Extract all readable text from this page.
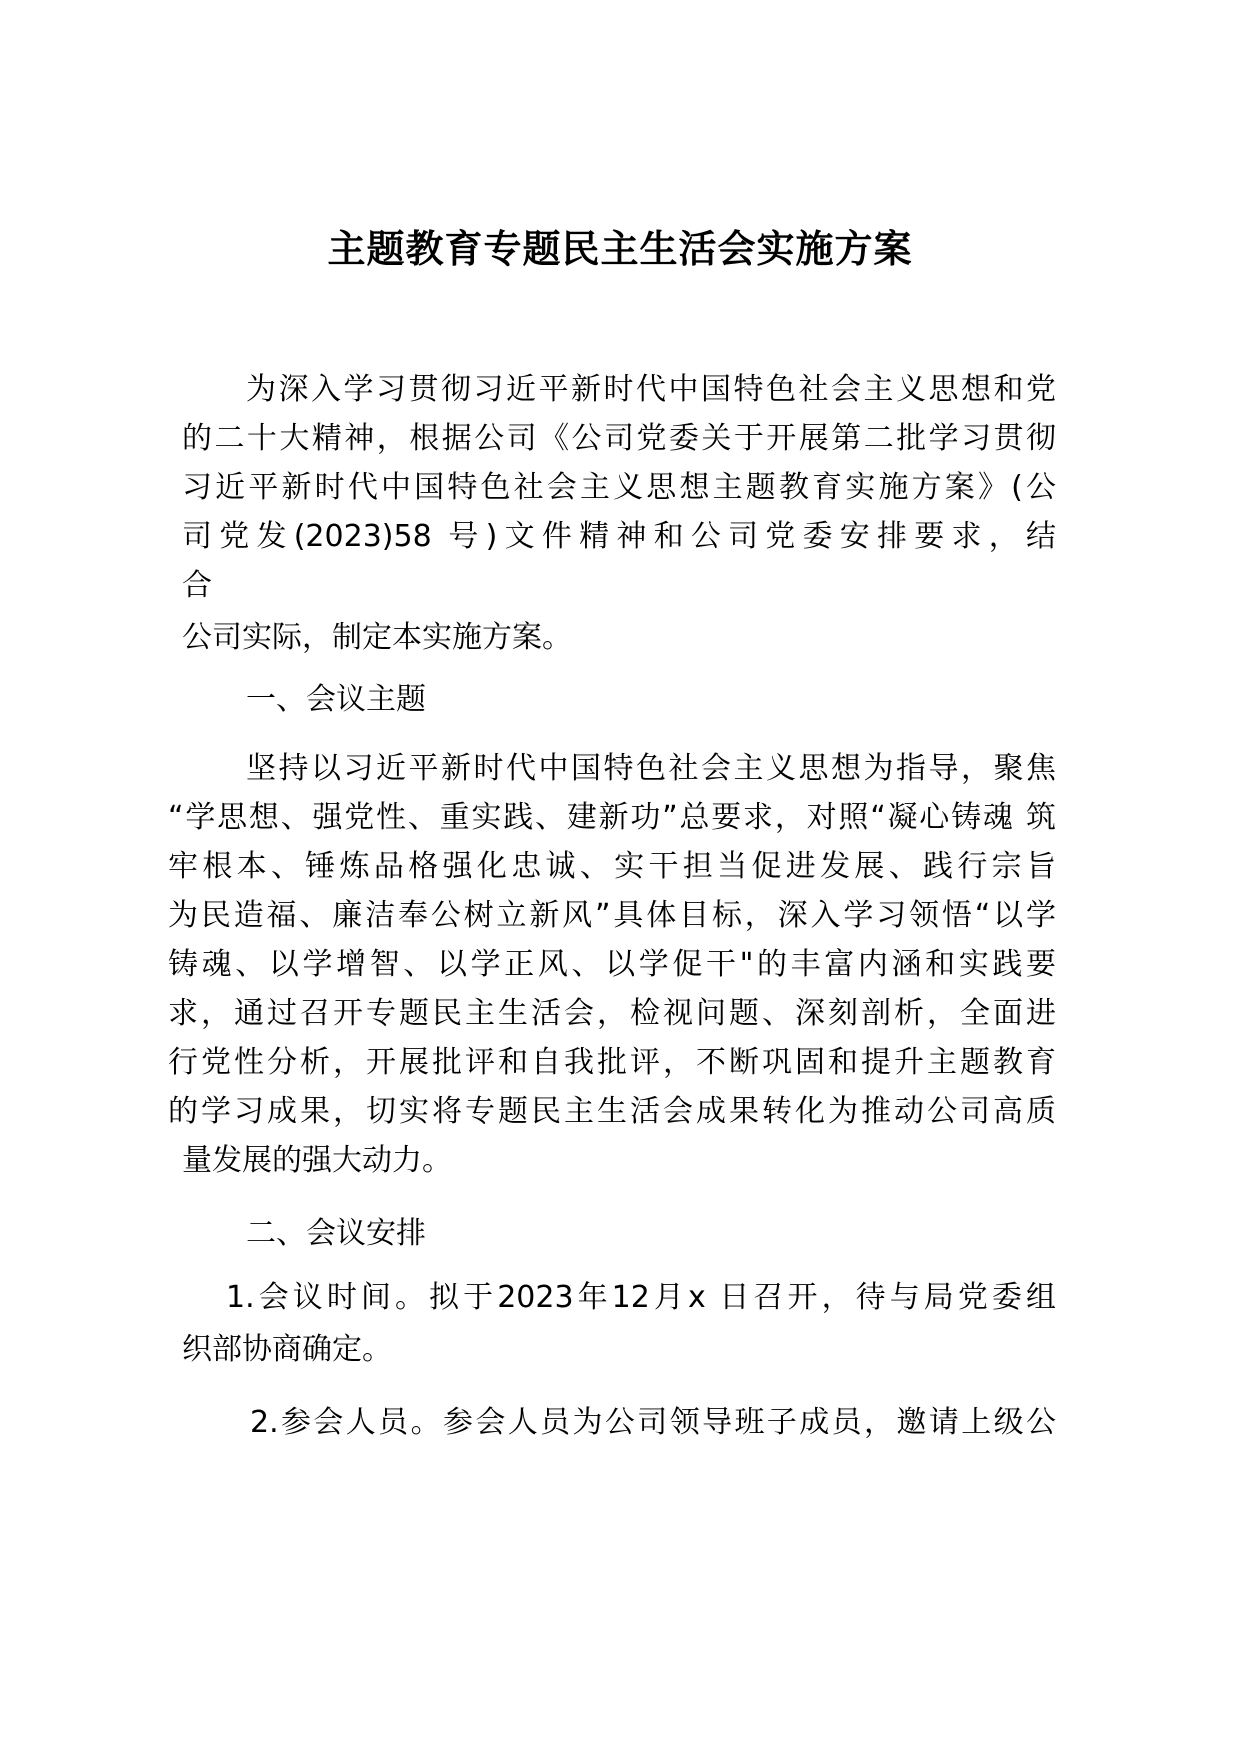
主题教育专题民主生活会实施方案
为深入学习贯彻习近平新时代中国特色社会主义思想和党
的二十大精神，根据公司《公司党委关于开展第二批学习贯彻
习近平新时代中国特色社会主义思想主题教育实施方案》(公
司党发(2023)58 号)文件精神和公司党委安排要求，结
合
公司实际，制定本实施方案。
一、会议主题
坚持以习近平新时代中国特色社会主义思想为指导，聚焦
“学思想、强党性、重实践、建新功”总要求，对照“凝心铸魂 筑
牢根本、锤炼品格强化忠诚、实干担当促进发展、践行宗旨
为民造福、廉洁奉公树立新风”具体目标，深入学习领悟“以学
铸魂、以学增智、以学正风、以学促干"的丰富内涵和实践要
求，通过召开专题民主生活会，检视问题、深刻剖析，全面进
行党性分析，开展批评和自我批评，不断巩固和提升主题教育
的学习成果，切实将专题民主生活会成果转化为推动公司高质
量发展的强大动力。
二、会议安排
1.会议时间。拟于2023年12月x 日召开，待与局党委组
织部协商确定。
2.参会人员。参会人员为公司领导班子成员，邀请上级公
